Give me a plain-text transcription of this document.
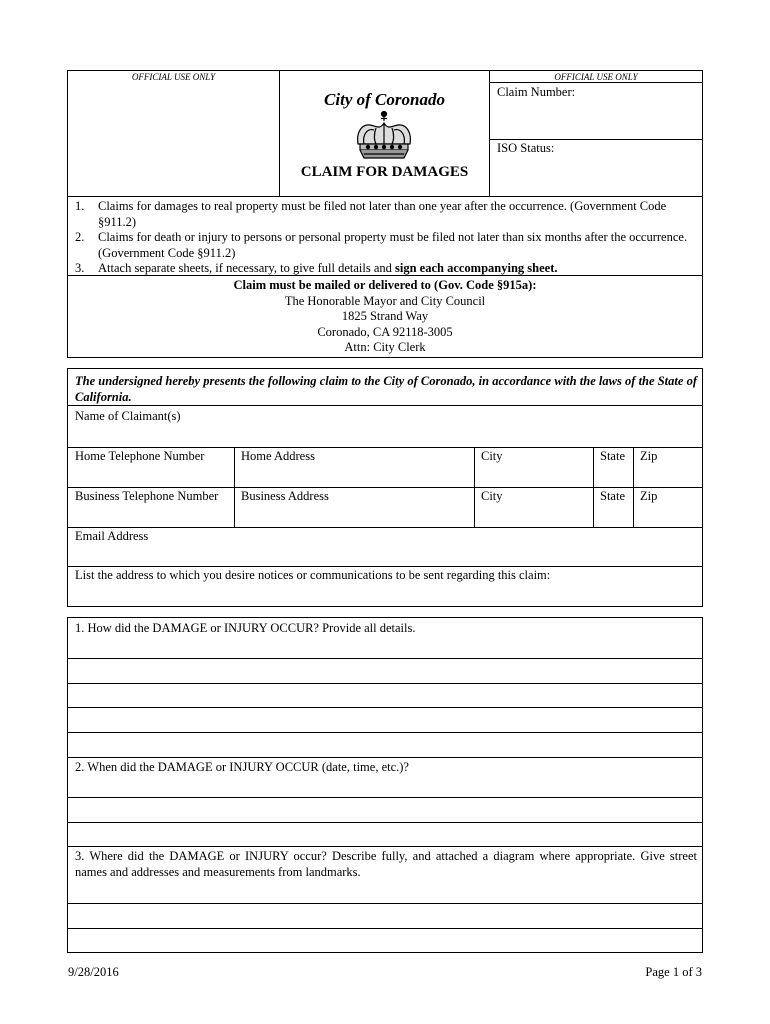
OFFICIAL USE ONLY	OFFICIAL USE ONLY
City of Coronado
CLAIM FOR DAMAGES
Claim Number:
ISO Status:
1. Claims for damages to real property must be filed not later than one year after the occurrence. (Government Code §911.2)
2. Claims for death or injury to persons or personal property must be filed not later than six months after the occurrence. (Government Code §911.2)
3. Attach separate sheets, if necessary, to give full details and sign each accompanying sheet.
Claim must be mailed or delivered to (Gov. Code §915a):
The Honorable Mayor and City Council
1825 Strand Way
Coronado, CA 92118-3005
Attn: City Clerk
The undersigned hereby presents the following claim to the City of Coronado, in accordance with the laws of the State of California.
Name of Claimant(s)
Home Telephone Number	Home Address	City	State Zip
Business Telephone Number Business Address	City	State Zip
Email Address
List the address to which you desire notices or communications to be sent regarding this claim:
1. How did the DAMAGE or INJURY OCCUR? Provide all details.
2. When did the DAMAGE or INJURY OCCUR (date, time, etc.)?
3. Where did the DAMAGE or INJURY occur? Describe fully, and attached a diagram where appropriate. Give street names and addresses and measurements from landmarks.
9/28/2016	Page 1 of 3
